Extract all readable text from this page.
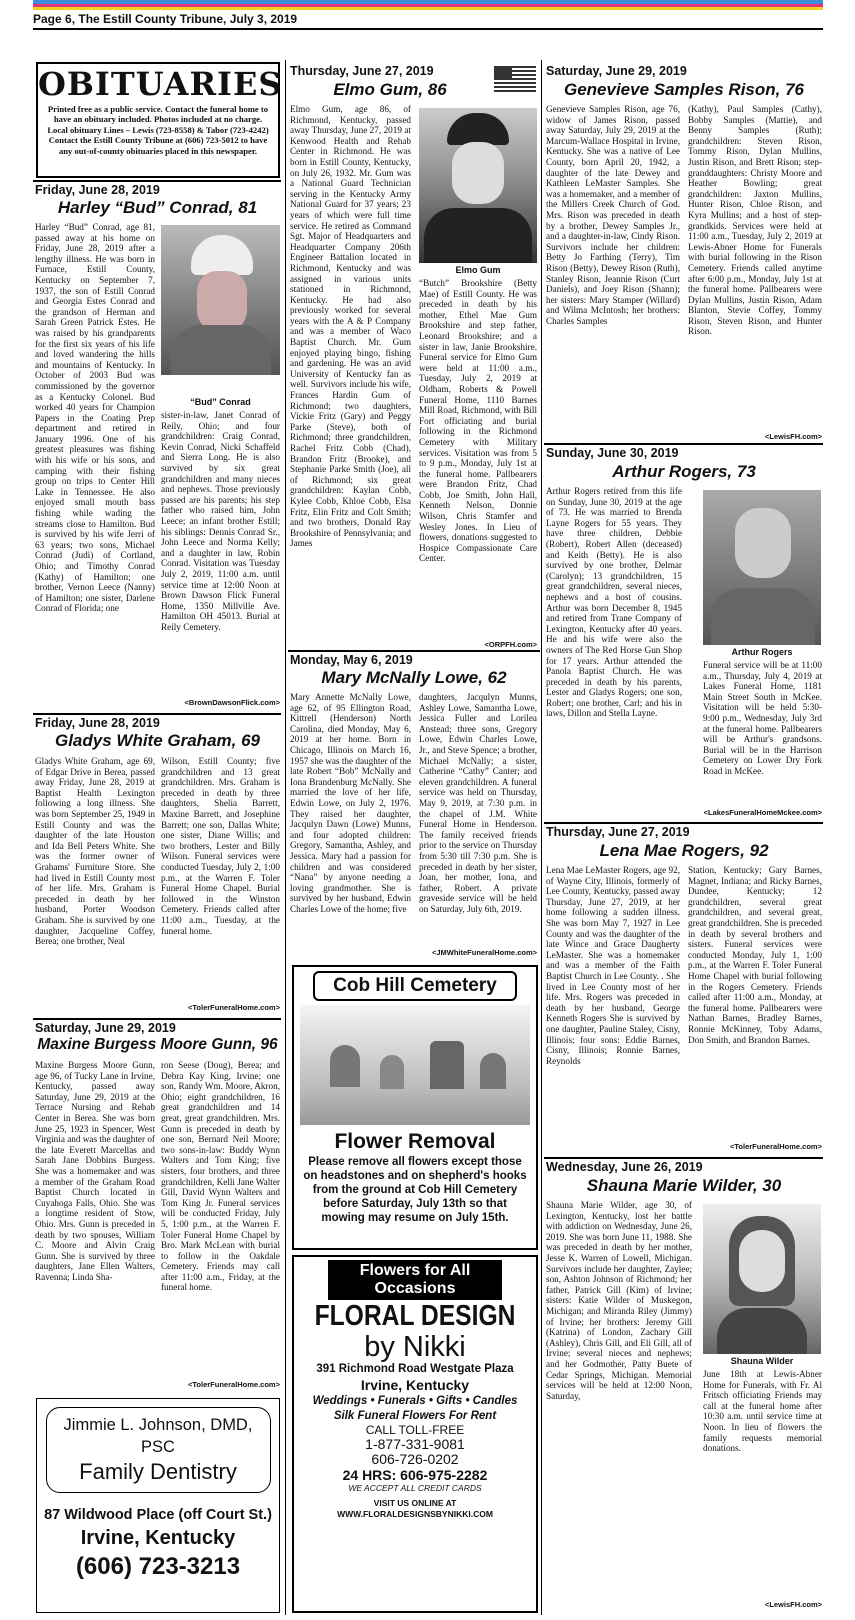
Page 6, The Estill County Tribune, July 3, 2019
OBITUARIES
Printed free as a public service. Contact the funeral home to have an obituary included. Photos included at no charge. Local obituary Lines – Lewis (723-8558) & Tabor (723-4242) Contact the Estill County Tribune at (606) 723-5012 to have any out-of-county obituaries placed in this newspaper.
Friday, June 28, 2019
Harley “Bud” Conrad, 81
Harley “Bud” Conrad, age 81, passed away at his home on Friday, June 28, 2019 after a lengthy illness. He was born in Furnace, Estill County, Kentucky on September 7, 1937, the son of Estill Conrad and Georgia Estes Conrad and the grandson of Herman and Sarah Green Patrick Estes. He was raised by his grandparents for the first six years of his life and loved wandering the hills and mountains of Kentucky. In October of 2003 Bud was commissioned by the governor as a Kentucky Colonel. Bud worked 40 years for Champion Papers in the Coating Prep department and retired in January 1996. One of his greatest pleasures was fishing with his wife or his sons, and camping with their fishing group on trips to Center Hill Lake in Tennessee. He also enjoyed small mouth bass fishing while wading the streams close to Hamilton. Bud is survived by his wife Jerri of 63 years; two sons, Michael Conrad (Judi) of Cortland, Ohio; and Timothy Conrad (Kathy) of Hamilton; one brother, Vernon Leece (Nanny) of Hamilton; one sister, Darlene Conrad of Florida; one
“Bud” Conrad
sister-in-law, Janet Conrad of Reily, Ohio; and four grandchildren: Craig Conrad, Kevin Conrad, Nicki Schaffeld and Sierra Long. He is also survived by six great grandchildren and many nieces and nephews. Those previously passed are his parents; his step father who raised him, John Leece; an infant brother Estill; his siblings: Dennis Conrad Sr., John Leece and Norma Kelly; and a daughter in law, Robin Conrad. Visitation was Tuesday July 2, 2019, 11:00 a.m. until service time at 12:00 Noon at Brown Dawson Flick Funeral Home, 1350 Millville Ave. Hamilton OH 45013. Burial at Reily Cemetery.
<BrownDawsonFlick.com>
Friday, June 28, 2019
Gladys White Graham, 69
Gladys White Graham, age 69, of Edgar Drive in Berea, passed away Friday, June 28, 2019 at Baptist Health Lexington following a long illness. She was born September 25, 1949 in Estill County and was the daughter of the late Houston and Ida Bell Peters White. She was the former owner of Grahams' Furniture Store. She had lived in Estill County most of her life. Mrs. Graham is preceded in death by her husband, Porter Woodson Graham. She is survived by one daughter, Jacqueline Coffey, Berea; one brother, Neal
Wilson, Estill County; five grandchildren and 13 great grandchildren. Mrs. Graham is preceded in death by three daughters, Shelia Barrett, Maxine Barrett, and Josephine Barrett; one son, Dallas White; one sister, Diane Willis; and two brothers, Lester and Billy Wilson. Funeral services were conducted Tuesday, July 2, 1:00 p.m., at the Warren F. Toler Funeral Home Chapel. Burial followed in the Winston Cemetery. Friends called after 11:00 a.m., Tuesday, at the funeral home.
<TolerFuneralHome.com>
Saturday, June 29, 2019
Maxine Burgess Moore Gunn, 96
Maxine Burgess Moore Gunn, age 96, of Tucky Lane in Irvine, Kentucky, passed away Saturday, June 29, 2019 at the Terrace Nursing and Rehab Center in Berea. She was born June 25, 1923 in Spencer, West Virginia and was the daughter of the late Everett Marcellas and Sarah Jane Dobbins Burgess. She was a homemaker and was a member of the Graham Road Baptist Church located in Cuyahoga Falls, Ohio. She was a longtime resident of Stow, Ohio. Mrs. Gunn is preceded in death by two spouses, William C. Moore and Alvin Craig Gunn. She is survived by three daughters, Jane Ellen Walters, Ravenna; Linda Sha-
ron Seese (Doug), Berea; and Debra Kay King, Irvine; one son, Randy Wm. Moore, Akron, Ohio; eight grandchildren, 16 great grandchildren and 14 great, great grandchildren. Mrs. Gunn is preceded in death by one son, Bernard Neil Moore; two sons-in-law: Buddy Wynn Walters and Tom King; five sisters, four brothers, and three grandchildren, Kelli Jane Walter Gill, David Wynn Walters and Tom King Jr. Funeral services will be conducted Friday, July 5, 1:00 p.m., at the Warren F. Toler Funeral Home Chapel by Bro. Mark McLean with burial to follow in the Oakdale Cemetery. Friends may call after 11:00 a.m., Friday, at the funeral home.
<TolerFuneralHome.com>
Jimmie L. Johnson, DMD, PSC
Family Dentistry
87 Wildwood Place (off Court St.)
Irvine, Kentucky
(606) 723-3213
Thursday, June 27, 2019
Elmo Gum, 86
Elmo Gum, age 86, of Richmond, Kentucky, passed away Thursday, June 27, 2019 at Kenwood Health and Rehab Center in Richmond. He was born in Estill County, Kentucky, on July 26, 1932. Mr. Gum was a National Guard Technician serving in the Kentucky Army National Guard for 37 years; 23 years of which were full time service. He retired as Command Sgt. Major of Headquarters and Headquarter Company 206th Engineer Battalion located in Richmond, Kentucky and was assigned in various units stationed in Richmond, Kentucky. He had also previously worked for several years with the A & P Company and was a member of Waco Baptist Church. Mr. Gum enjoyed playing bingo, fishing and gardening. He was an avid University of Kentucky fan as well. Survivors include his wife, Frances Hardin Gum of Richmond; two daughters, Vickie Fritz (Gary) and Peggy Parke (Steve), both of Richmond; three grandchildren, Rachel Fritz Cobb (Chad), Brandon Fritz (Brooke), and Stephanie Parke Smith (Joe), all of Richmond; six great grandchildren: Kaylan Cobb, Kylee Cobb, Khloe Cobb, Elsa Fritz, Elin Fritz and Colt Smith; and two brothers, Donald Ray Brookshire of Pennsylvania; and James
Elmo Gum
“Butch” Brookshire (Betty Mae) of Estill County. He was preceded in death by his mother, Ethel Mae Gum Brookshire and step father, Leonard Brookshire; and a sister in law, Janie Brookshire. Funeral service for Elmo Gum were held at 11:00 a.m., Tuesday, July 2, 2019 at Oldham, Roberts & Powell Funeral Home, 1110 Barnes Mill Road, Richmond, with Bill Fort officiating and burial following in the Richmond Cemetery with Military services. Visitation was from 5 to 9 p.m., Monday, July 1st at the funeral home. Pallbearers were Brandon Fritz, Chad Cobb, Joe Smith, John Hall, Kenneth Nelson, Donnie Wilson, Chris Stamfer and Wesley Jones. In Lieu of flowers, donations suggested to Hospice Compassionate Care Center.
<ORPFH.com>
Monday, May 6, 2019
Mary McNally Lowe, 62
Mary Annette McNally Lowe, age 62, of 95 Ellington Road, Kittrell (Henderson) North Carolina, died Monday, May 6, 2019 at her home. Born in Chicago, Illinois on March 16, 1957 she was the daughter of the late Robert “Bob” McNally and Iona Brandenburg McNally. She married the love of her life, Edwin Lowe, on July 2, 1976. They raised her daughter, Jacqulyn Dawn (Lowe) Munns, and four adopted children: Gregory, Samantha, Ashley, and Jessica. Mary had a passion for children and was considered “Nana” by anyone needing a loving grandmother. She is survived by her husband, Edwin Charles Lowe of the home; five
daughters, Jacqulyn Munns, Ashley Lowe, Samantha Lowe, Jessica Fuller and Lorilea Anstead; three sons, Gregory Lowe, Edwin Charles Lowe, Jr., and Steve Spence; a brother, Michael McNally; a sister, Catherine “Cathy” Canter; and eleven grandchildren. A funeral service was held on Thursday, May 9, 2019, at 7:30 p.m. in the chapel of J.M. White Funeral Home in Henderson. The family received friends prior to the service on Thursday from 5:30 till 7:30 p.m. She is preceded in death by her sister, Joan, her mother, Iona, and father, Robert. A private graveside service will be held on Saturday, July 6th, 2019.
<JMWhiteFuneralHome.com>
Cob Hill Cemetery
Flower Removal
Please remove all flowers except those on headstones and on shepherd's hooks from the ground at Cob Hill Cemetery before Saturday, July 13th so that mowing may resume on July 15th.
Flowers for All Occasions
FLORAL DESIGN
by Nikki
391 Richmond Road Westgate Plaza
Irvine, Kentucky
Weddings • Funerals • Gifts • Candles
Silk Funeral Flowers For Rent
CALL TOLL-FREE
1-877-331-9081
606-726-0202
24 HRS: 606-975-2282
WE ACCEPT ALL CREDIT CARDS
VISIT US ONLINE AT
WWW.FLORALDESIGNSBYNIKKI.COM
Saturday, June 29, 2019
Genevieve Samples Rison, 76
Genevieve Samples Rison, age 76, widow of James Rison, passed away Saturday, July 29, 2019 at the Marcum-Wallace Hospital in Irvine, Kentucky. She was a native of Lee County, born April 20, 1942, a daughter of the late Dewey and Kathleen LeMaster Samples. She was a homemaker, and a member of the Millers Creek Church of God. Mrs. Rison was preceded in death by a brother, Dewey Samples Jr., and a daughter-in-law, Cindy Rison. Survivors include her children: Betty Jo Farthing (Terry), Tim Rison (Betty), Dewey Rison (Ruth), Stanley Rison, Jeannie Rison (Curt Daniels), and Joey Rison (Shann); her sisters: Mary Stamper (Willard) and Wilma McIntosh; her brothers: Charles Samples
(Kathy), Paul Samples (Cathy), Bobby Samples (Mattie), and Benny Samples (Ruth); grandchildren: Steven Rison, Tommy Rison, Dylan Mullins, Justin Rison, and Brett Rison; step-granddaughters: Christy Moore and Heather Bowling; great grandchildren: Jaxton Mullins, Hunter Rison, Chloe Rison, and Kyra Mullins; and a host of step-grandkids. Services were held at 11:00 a.m., Tuesday, July 2, 2019 at Lewis-Abner Home for Funerals with burial following in the Rison Cemetery. Friends called anytime after 6:00 p.m., Monday, July 1st at the funeral home. Pallbearers were Dylan Mullins, Justin Rison, Adam Blanton, Stevie Coffey, Tommy Rison, Steven Rison, and Hunter Rison.
<LewisFH.com>
Sunday, June 30, 2019
Arthur Rogers, 73
Arthur Rogers retired from this life on Sunday, June 30, 2019 at the age of 73. He was married to Brenda Layne Rogers for 55 years. They have three children, Debbie (Robert), Robert Allen (deceased) and Keith (Betty). He is also survived by one brother, Delmar (Carolyn); 13 grandchildren, 15 great grandchildren, several nieces, nephews and a host of cousins. Arthur was born December 8, 1945 and retired from Trane Company of Lexington, Kentucky after 40 years. He and his wife were also the owners of The Red Horse Gun Shop for 17 years. Arthur attended the Panola Baptist Church. He was preceded in death by his parents, Lester and Gladys Rogers; one son, Robert; one brother, Carl; and his in laws, Dillon and Stella Layne.
Arthur Rogers
Funeral service will be at 11:00 a.m., Thursday, July 4, 2019 at Lakes Funeral Home, 1181 Main Street South in McKee. Visitation will be held 5:30-9:00 p.m., Wednesday, July 3rd at the funeral home. Pallbearers will be Arthur's grandsons. Burial will be in the Harrison Cemetery on Lower Dry Fork Road in McKee.
<LakesFuneralHomeMckee.com>
Thursday, June 27, 2019
Lena Mae Rogers, 92
Lena Mae LeMaster Rogers, age 92, of Wayne City, Illinois, formerly of Lee County, Kentucky, passed away Thursday, June 27, 2019, at her home following a sudden illness. She was born May 7, 1927 in Lee County and was the daughter of the late Wince and Grace Daugherty LeMaster. She was a homemaker and was a member of the Faith Baptist Church in Lee County. . She lived in Lee County most of her life. Mrs. Rogers was preceded in death by her husband, George Kenneth Rogers She is survived by one daughter, Pauline Staley, Cisny, Illinois; four sons: Eddie Barnes, Cisny, Illinois; Ronnie Barnes, Reynolds
Station, Kentucky; Gary Barnes, Magnet, Indiana; and Ricky Barnes, Dundee, Kentucky; 12 grandchildren, several great grandchildren, and several great, great grandchildren. She is preceded in death by several brothers and sisters. Funeral services were conducted Monday, July 1, 1:00 p.m., at the Warren F. Toler Funeral Home Chapel with burial following in the Rogers Cemetery. Friends called after 11:00 a.m., Monday, at the funeral home. Pallbearers were Nathan Barnes, Bradley Barnes, Ronnie McKinney, Toby Adams, Don Smith, and Brandon Barnes.
<TolerFuneralHome.com>
Wednesday, June 26, 2019
Shauna Marie Wilder, 30
Shauna Marie Wilder, age 30, of Lexington, Kentucky, lost her battle with addiction on Wednesday, June 26, 2019. She was born June 11, 1988. She was preceded in death by her mother, Jesse K. Warren of Lowell, Michigan. Survivors include her daughter, Zaylee; son, Ashton Johnson of Richmond; her father, Patrick Gill (Kim) of Irvine; sisters: Katie Wilder of Muskegon, Michigan; and Miranda Riley (Jimmy) of Irvine; her brothers: Jeremy Gill (Katrina) of London, Zachary Gill (Ashley), Chris Gill, and Eli Gill, all of Irvine; several nieces and nephews; and her Godmother, Patty Buete of Cedar Springs, Michigan. Memorial services will be held at 12:00 Noon, Saturday,
Shauna Wilder
June 18th at Lewis-Abner Home for Funerals, with Fr. Al Fritsch officiating Friends may call at the funeral home after 10:30 a.m. until service time at Noon. In lieu of flowers the family requests memorial donations.
<LewisFH.com>
